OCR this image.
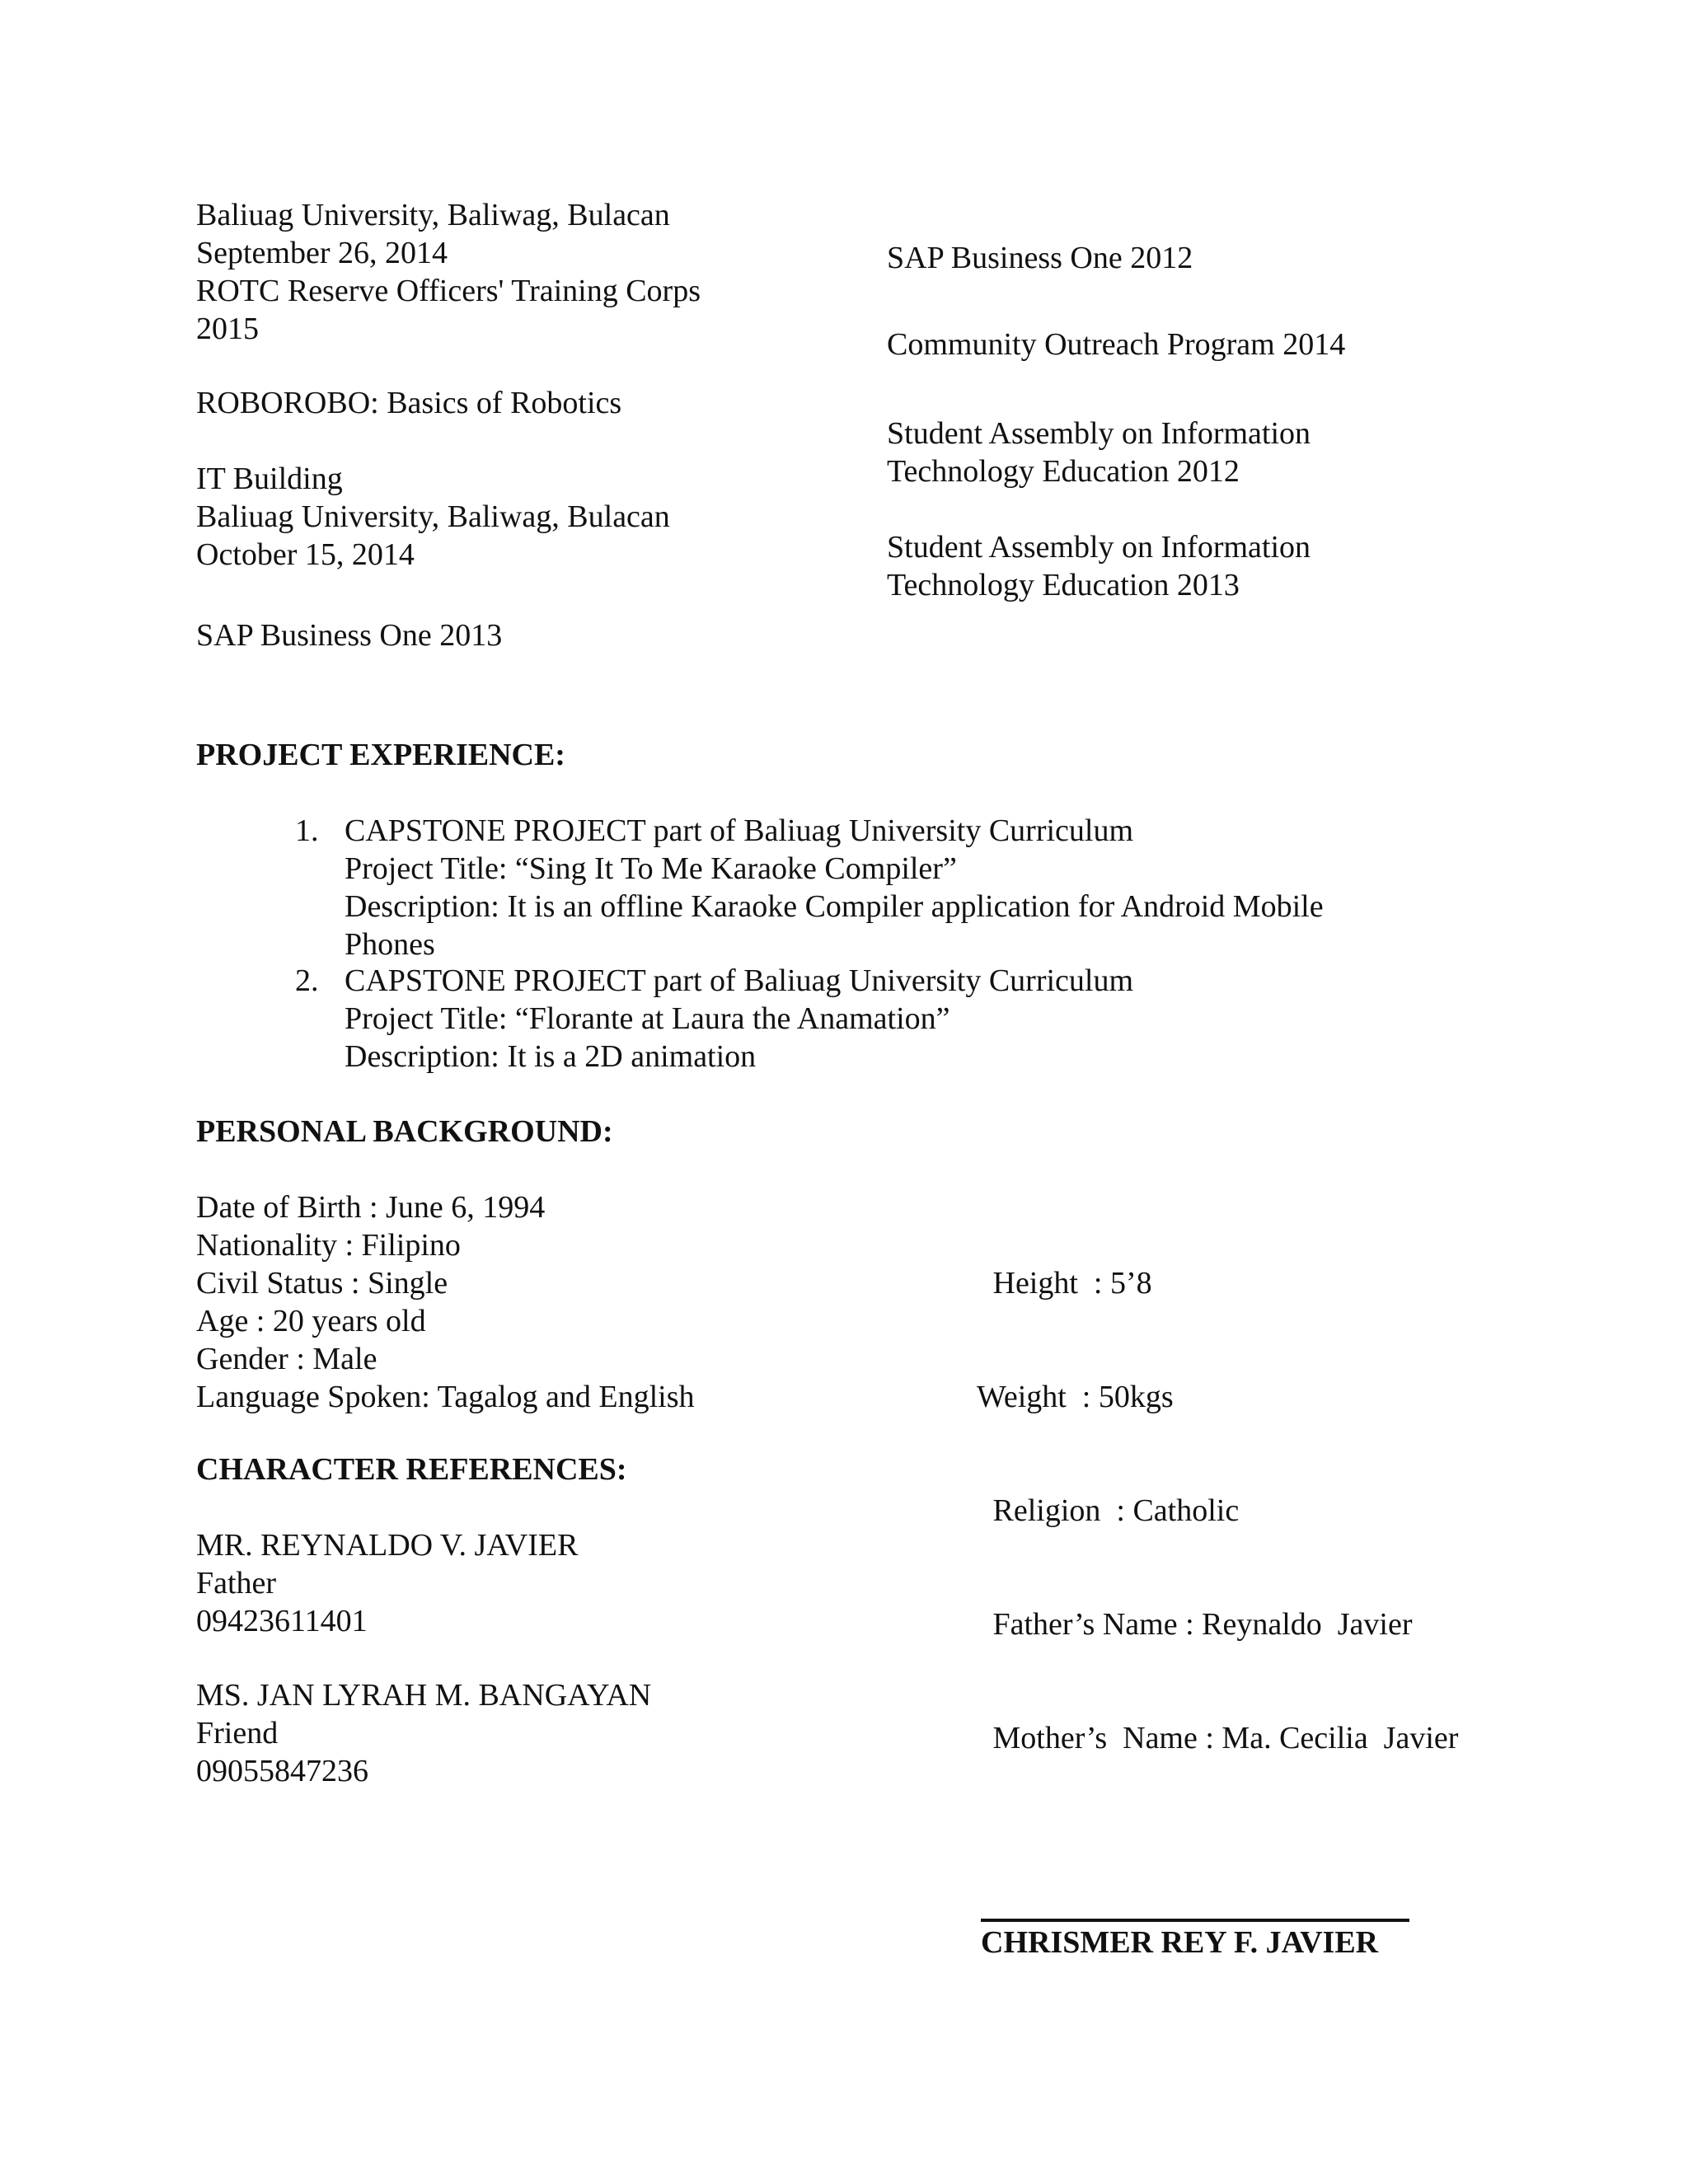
Baliuag University, Baliwag, Bulacan
September 26, 2014
ROTC Reserve Officers' Training Corps
2015
ROBOROBO: Basics of Robotics
IT Building
Baliuag University, Baliwag, Bulacan
October 15, 2014
SAP Business One 2013
SAP Business One 2012
Community Outreach Program 2014
Student Assembly on Information
Technology Education 2012
Student Assembly on Information
Technology Education 2013
PROJECT EXPERIENCE:
1. CAPSTONE PROJECT part of Baliuag University Curriculum
Project Title: “Sing It To Me Karaoke Compiler”
Description: It is an offline Karaoke Compiler application for Android Mobile
Phones
2. CAPSTONE PROJECT part of Baliuag University Curriculum
Project Title: “Florante at Laura the Anamation”
Description: It is a 2D animation
PERSONAL BACKGROUND:
Date of Birth : June 6, 1994
Nationality : Filipino
Civil Status : Single
Age : 20 years old
Gender : Male
Language Spoken: Tagalog and English

Height  : 5’8

Weight  : 50kgs

Religion  : Catholic

Father’s Name : Reynaldo  Javier

Mother’s  Name : Ma. Cecilia  Javier

CHARACTER REFERENCES:
MR. REYNALDO V. JAVIER
Father
09423611401
MS. JAN LYRAH M. BANGAYAN
Friend
09055847236
CHRISMER REY F. JAVIER
